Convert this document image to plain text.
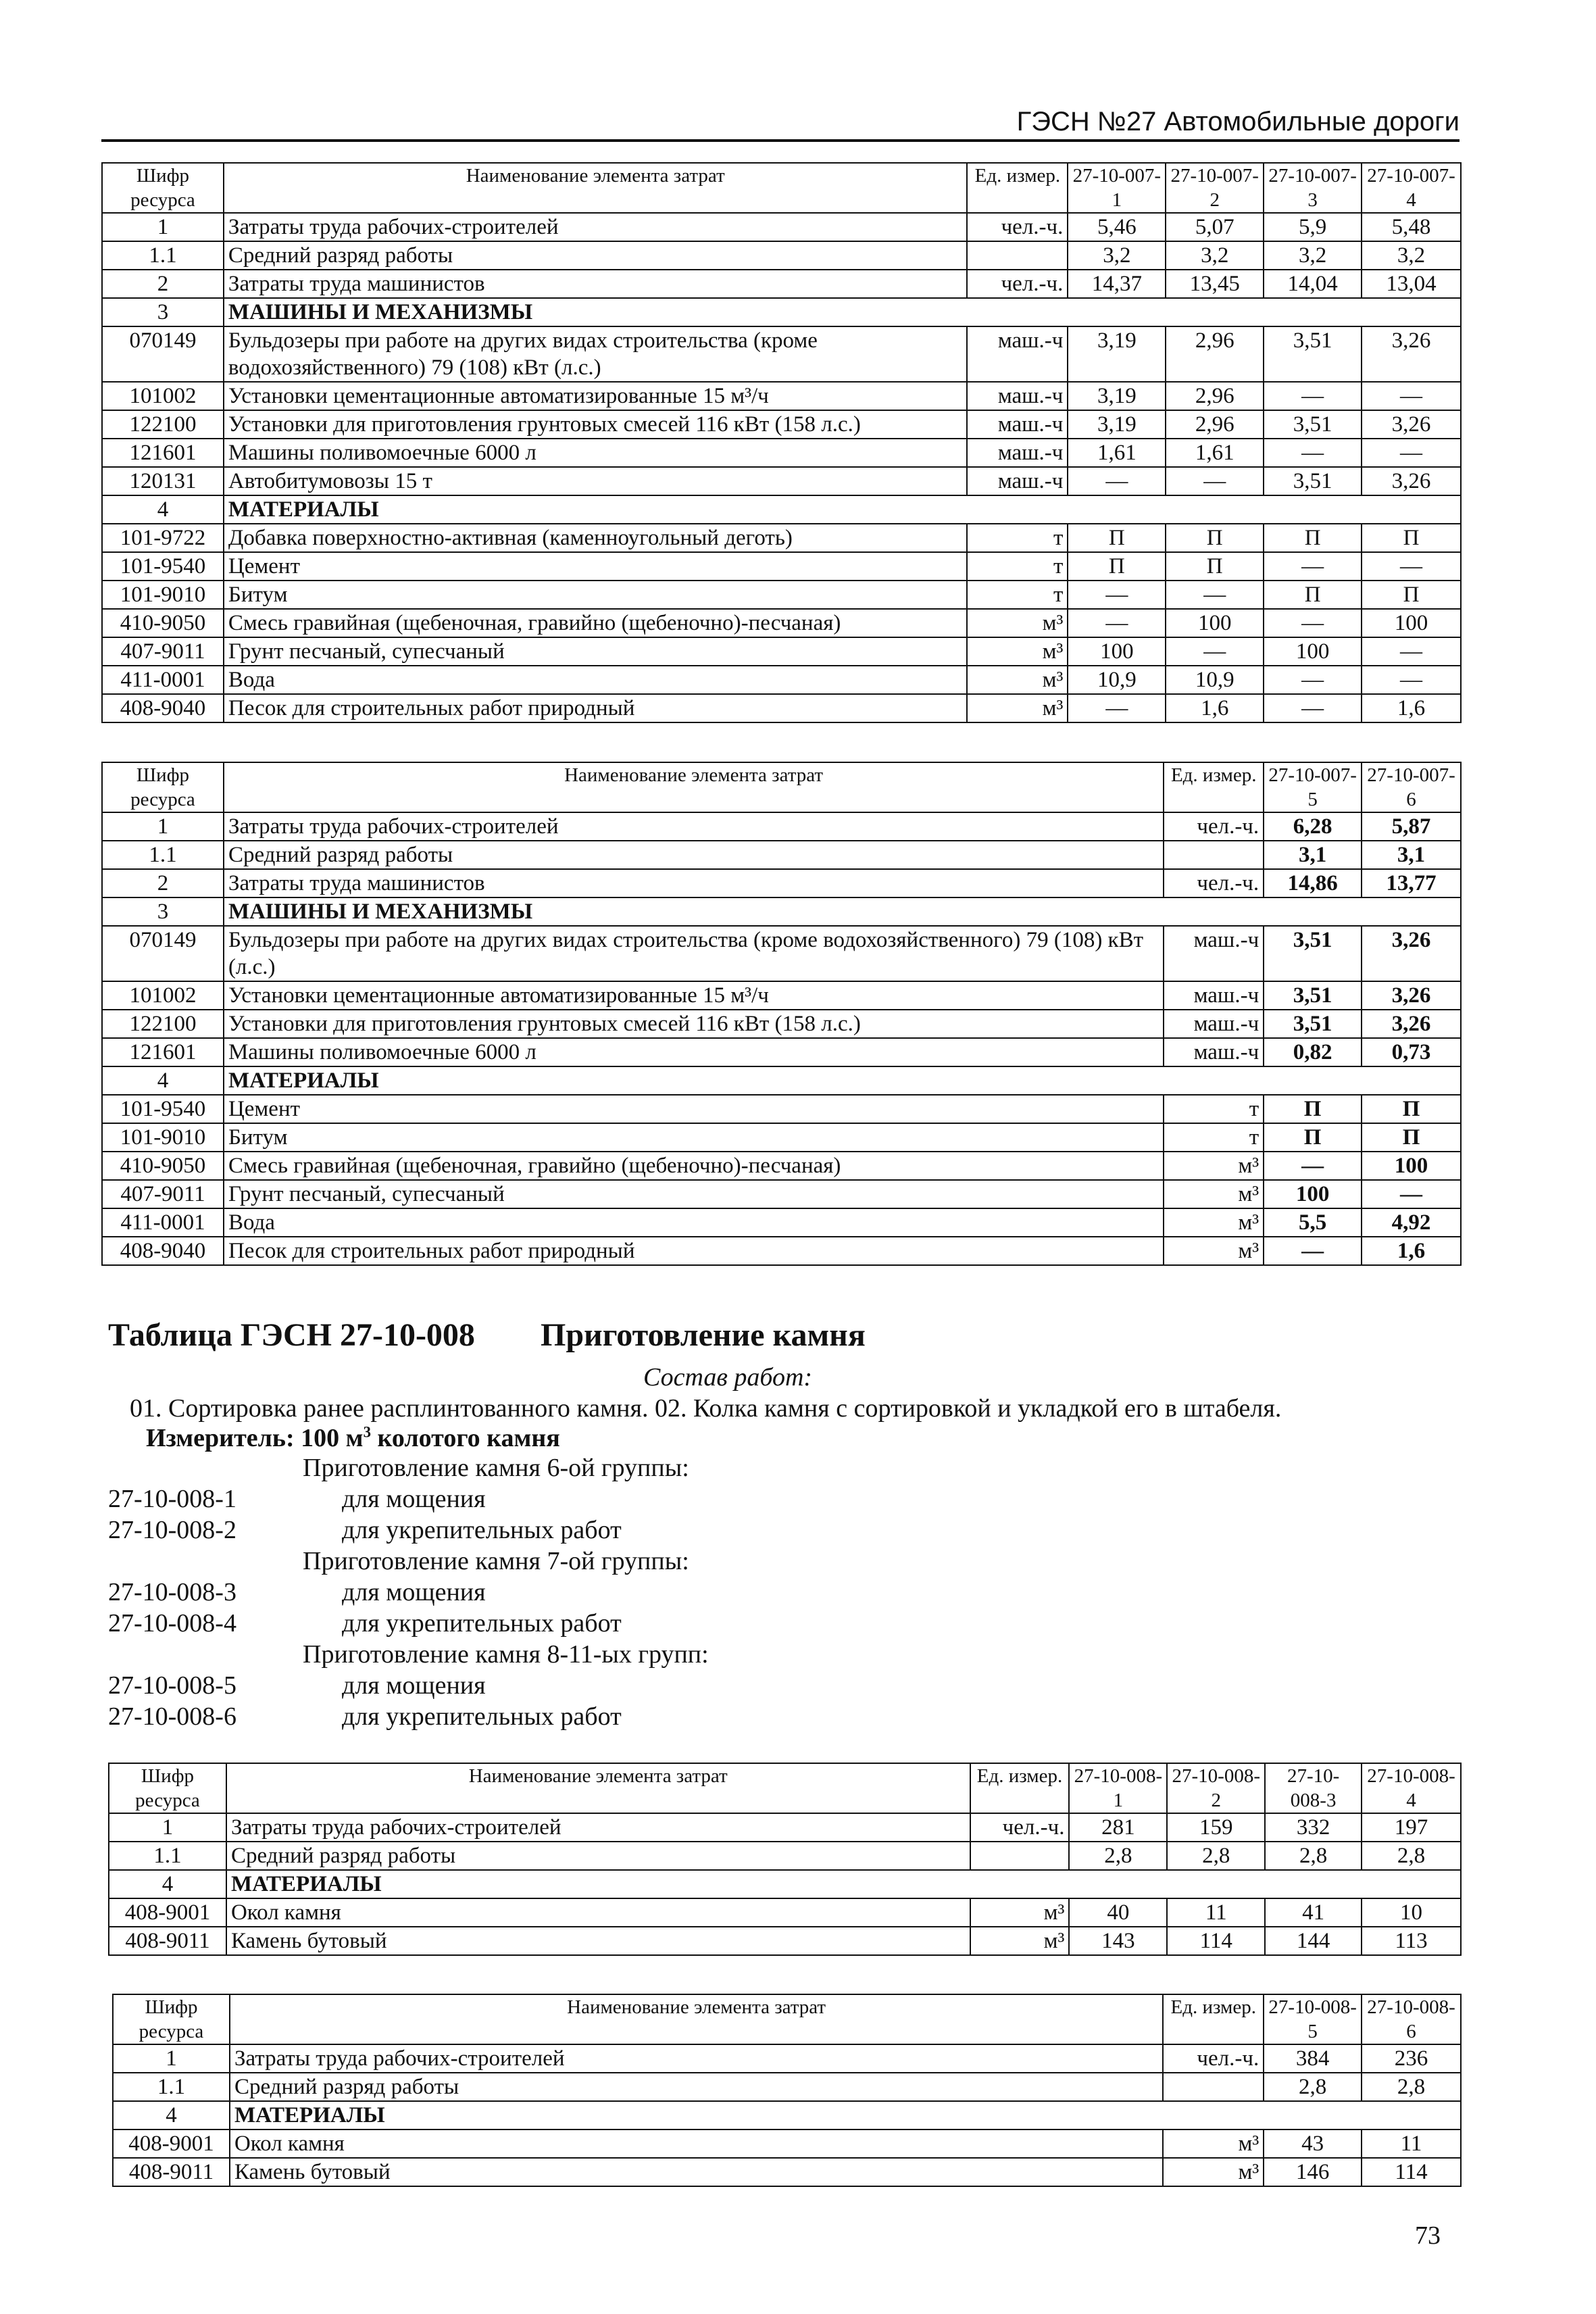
ГЭСН №27 Автомобильные дороги
Шифр ресурса	Наименование элемента затрат	Ед. измер.	27-10-007-1	27-10-007-2	27-10-007-3	27-10-007-4
1	Затраты труда рабочих-строителей	чел.-ч.	5,46	5,07	5,9	5,48
1.1	Средний разряд работы		3,2	3,2	3,2	3,2
2	Затраты труда машинистов	чел.-ч.	14,37	13,45	14,04	13,04
3	МАШИНЫ И МЕХАНИЗМЫ					
070149	Бульдозеры при работе на других видах строительства (кроме водохозяйственного) 79 (108) кВт (л.с.)	маш.-ч	3,19	2,96	3,51	3,26
101002	Установки цементационные автоматизированные 15 м³/ч	маш.-ч	3,19	2,96	—	—
122100	Установки для приготовления грунтовых смесей 116 кВт (158 л.с.)	маш.-ч	3,19	2,96	3,51	3,26
121601	Машины поливомоечные 6000 л	маш.-ч	1,61	1,61	—	—
120131	Автобитумовозы 15 т	маш.-ч	—	—	3,51	3,26
4	МАТЕРИАЛЫ					
101-9722	Добавка поверхностно-активная (каменноугольный деготь)	т	П	П	П	П
101-9540	Цемент	т	П	П	—	—
101-9010	Битум	т	—	—	П	П
410-9050	Смесь гравийная (щебеночная, гравийно (щебеночно)-песчаная)	м³	—	100	—	100
407-9011	Грунт песчаный, супесчаный	м³	100	—	100	—
411-0001	Вода	м³	10,9	10,9	—	—
408-9040	Песок для строительных работ природный	м³	—	1,6	—	1,6
Шифр ресурса	Наименование элемента затрат	Ед. измер.	27-10-007-5	27-10-007-6
1	Затраты труда рабочих-строителей	чел.-ч.	6,28	5,87
1.1	Средний разряд работы		3,1	3,1
2	Затраты труда машинистов	чел.-ч.	14,86	13,77
3	МАШИНЫ И МЕХАНИЗМЫ			
070149	Бульдозеры при работе на других видах строительства (кроме водохозяйственного) 79 (108) кВт (л.с.)	маш.-ч	3,51	3,26
101002	Установки цементационные автоматизированные 15 м³/ч	маш.-ч	3,51	3,26
122100	Установки для приготовления грунтовых смесей 116 кВт (158 л.с.)	маш.-ч	3,51	3,26
121601	Машины поливомоечные 6000 л	маш.-ч	0,82	0,73
4	МАТЕРИАЛЫ			
101-9540	Цемент	т	П	П
101-9010	Битум	т	П	П
410-9050	Смесь гравийная (щебеночная, гравийно (щебеночно)-песчаная)	м³	—	100
407-9011	Грунт песчаный, супесчаный	м³	100	—
411-0001	Вода	м³	5,5	4,92
408-9040	Песок для строительных работ природный	м³	—	1,6
Таблица ГЭСН 27-10-008 Приготовление камня
Состав работ:
01. Сортировка ранее расплинтованного камня. 02. Колка камня с сортировкой и укладкой его в штабеля.
Измеритель: 100 $м^3$ колотого камня
Приготовление камня 6-ой группы:
27-10-008-1	для мощения
27-10-008-2	для укрепительных работ
Приготовление камня 7-ой группы:
27-10-008-3	для мощения
27-10-008-4	для укрепительных работ
Приготовление камня 8-11-ых групп:
27-10-008-5	для мощения
27-10-008-6	для укрепительных работ
Шифр ресурса	Наименование элемента затрат	Ед. измер.	27-10-008-1	27-10-008-2	27-10-008-3	27-10-008-4
1	Затраты труда рабочих-строителей	чел.-ч.	281	159	332	197
1.1	Средний разряд работы		2,8	2,8	2,8	2,8
4	МАТЕРИАЛЫ					
408-9001	Окол камня	м³	40	11	41	10
408-9011	Камень бутовый	м³	143	114	144	113
Шифр ресурса	Наименование элемента затрат	Ед. измер.	27-10-008-5	27-10-008-6
1	Затраты труда рабочих-строителей	чел.-ч.	384	236
1.1	Средний разряд работы		2,8	2,8
4	МАТЕРИАЛЫ			
408-9001	Окол камня	м³	43	11
408-9011	Камень бутовый	м³	146	114
73
